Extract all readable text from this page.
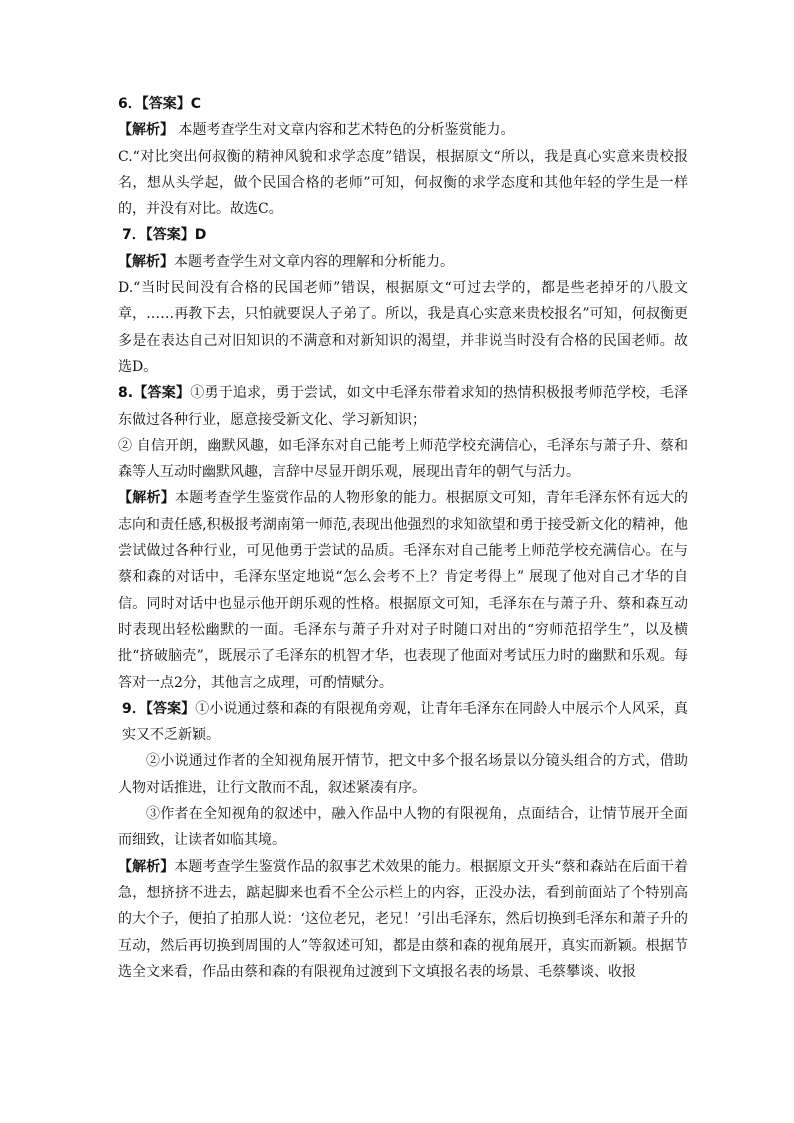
6．【答案】C

【解析】 本题考查学生对文章内容和艺术特色的分析鉴赏能力。

C.“对比突出何叔衡的精神风貌和求学态度”错误，根据原文“所以，我是真心实意来贵校报名，想从头学起，做个民国合格的老师”可知，何叔衡的求学态度和其他年轻的学生是一样的，并没有对比。故选C。

7．【答案】D

【解析】本题考查学生对文章内容的理解和分析能力。

D.“当时民间没有合格的民国老师”错误，根据原文“可过去学的，都是些老掉牙的八股文章，……再教下去，只怕就要误人子弟了。所以，我是真心实意来贵校报名”可知，何叔衡更多是在表达自己对旧知识的不满意和对新知识的渴望，并非说当时没有合格的民国老师。故选D。

8.【答案】①勇于追求，勇于尝试，如文中毛泽东带着求知的热情积极报考师范学校，毛泽东做过各种行业，愿意接受新文化、学习新知识；

② 自信开朗，幽默风趣，如毛泽东对自己能考上师范学校充满信心，毛泽东与萧子升、蔡和森等人互动时幽默风趣，言辞中尽显开朗乐观，展现出青年的朝气与活力。

【解析】本题考查学生鉴赏作品的人物形象的能力。根据原文可知，青年毛泽东怀有远大的志向和责任感,积极报考湖南第一师范,表现出他强烈的求知欲望和勇于接受新文化的精神，他尝试做过各种行业，可见他勇于尝试的品质。毛泽东对自己能考上师范学校充满信心。在与蔡和森的对话中，毛泽东坚定地说“怎么会考不上？肯定考得上” 展现了他对自己才华的自信。同时对话中也显示他开朗乐观的性格。根据原文可知，毛泽东在与萧子升、蔡和森互动时表现出轻松幽默的一面。毛泽东与萧子升对对子时随口对出的“穷师范招学生”，以及横批“挤破脑壳”，既展示了毛泽东的机智才华，也表现了他面对考试压力时的幽默和乐观。每答对一点2分，其他言之成理，可酌情赋分。

9．【答案】①小说通过蔡和森的有限视角旁观，让青年毛泽东在同龄人中展示个人风采，真实又不乏新颖。

②小说通过作者的全知视角展开情节，把文中多个报名场景以分镜头组合的方式，借助人物对话推进，让行文散而不乱，叙述紧凑有序。

③作者在全知视角的叙述中，融入作品中人物的有限视角，点面结合，让情节展开全面而细致，让读者如临其境。

【解析】本题考查学生鉴赏作品的叙事艺术效果的能力。根据原文开头“蔡和森站在后面干着急，想挤挤不进去，踮起脚来也看不全公示栏上的内容，正没办法，看到前面站了个特别高的大个子，便拍了拍那人说：‘这位老兄，老兄！’引出毛泽东，然后切换到毛泽东和萧子升的互动，然后再切换到周围的人”等叙述可知，都是由蔡和森的视角展开，真实而新颖。根据节选全文来看，作品由蔡和森的有限视角过渡到下文填报名表的场景、毛蔡攀谈、收报
